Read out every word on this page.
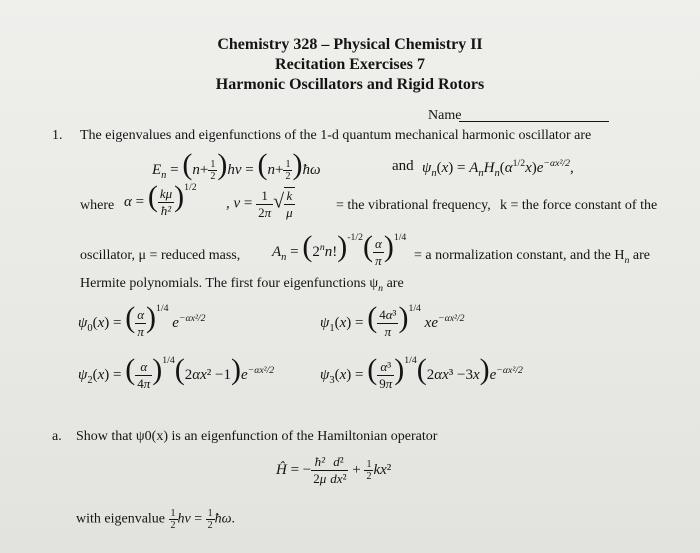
Chemistry 328 – Physical Chemistry II
Recitation Exercises 7
Harmonic Oscillators and Rigid Rotors
Name
1. The eigenvalues and eigenfunctions of the 1-d quantum mechanical harmonic oscillator are
$E_n = (n+ \frac{1}{2} )h\nu = (n+ \frac{1}{2}$ )ħω	and $\psi_n(x) = A_nH_n(\alpha^{1/2}x)e^{-\alpha x^2/2}$,
where α = ( $\frac{k\mu}{\text{ħ²}} )^{1/2}$
, $\nu = \frac{1}{2\pi}$ √ $\frac{k}{\mu}$	= the vibrational frequency, k = the force constant of the
oscillator, μ = reduced mass, $A_n = (2^nn!)^{-1/2}( \frac{\alpha}{\pi} )^{1/4}$
= a normalization constant, and the $H_n$ are
Hermite polynomials. The first four eigenfunctions $\psi_n$ are
$\psi_0(x)$ = ( $\frac{\alpha}{\pi} )^{1/4}$ $e^{-\alpha x^2/2}$	$\psi_1(x)$ = ( $\frac{\text{4α³}}{\pi} )^{1/4}$ $xe^{-\alpha x^2/2}$
$\psi_2(x)$ = ( $\frac{\alpha}{4\pi} )^{1/4}(2\alpha x^2 -1)e^{-\alpha x^2/2}$	$\psi_3(x)$ = ( $\frac{\text{α³}}{9\pi} )^{1/4}(2\alpha x^3 -3x)e^{-\alpha x^2/2}$
a. Show that ψ0(x) is an eigenfunction of the Hamiltonian operator
Ĥ = − $\frac{\text{ħ²}}{2\mu} \frac{\text{d²}}{\text{dx²}} + \frac{1}{2} kx^2$
with eigenvalue $\frac{1}{2}$ $h\nu = \frac{1}{2}$ ħω.
